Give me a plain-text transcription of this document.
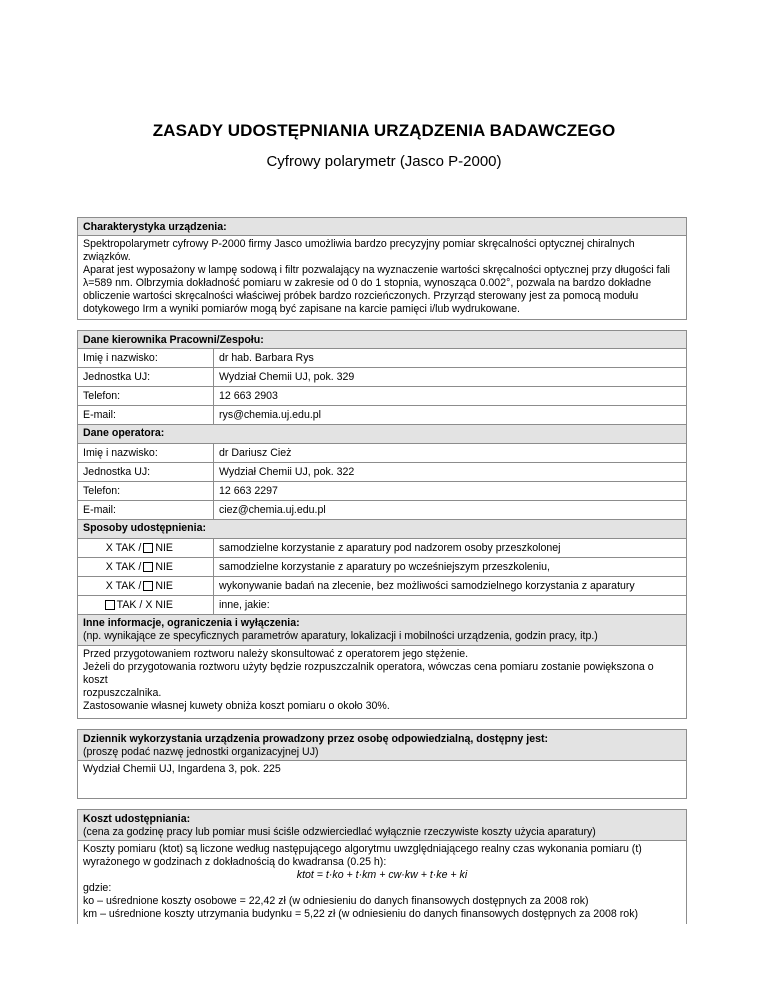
ZASADY UDOSTĘPNIANIA URZĄDZENIA BADAWCZEGO
Cyfrowy polarymetr (Jasco P-2000)
Charakterystyka urządzenia:
Spektropolarymetr cyfrowy P-2000 firmy Jasco umożliwia bardzo precyzyjny pomiar skręcalności optycznej chiralnych związków.
Aparat jest wyposażony w lampę sodową i filtr pozwalający na wyznaczenie wartości skręcalności optycznej przy długości fali
λ=589 nm. Olbrzymia dokładność pomiaru w zakresie od 0 do 1 stopnia, wynosząca 0.002°, pozwala na bardzo dokładne
obliczenie wartości skręcalności właściwej próbek bardzo rozcieńczonych. Przyrząd sterowany jest za pomocą modułu
dotykowego Irm a wyniki pomiarów mogą być zapisane na karcie pamięci i/lub wydrukowane.
Dane kierownika Pracowni/Zespołu:
Imię i nazwisko:	dr hab. Barbara Rys
Jednostka UJ:	Wydział Chemii UJ, pok. 329
Telefon:	12 663 2903
E-mail:	rys@chemia.uj.edu.pl
Dane operatora:
Imię i nazwisko:	dr Dariusz Cież
Jednostka UJ:	Wydział Chemii UJ, pok. 322
Telefon:	12 663 2297
E-mail:	ciez@chemia.uj.edu.pl
Sposoby udostępnienia:
X TAK / NIE	samodzielne korzystanie z aparatury pod nadzorem osoby przeszkolonej
X TAK / NIE	samodzielne korzystanie z aparatury po wcześniejszym przeszkoleniu,
X TAK / NIE	wykonywanie badań na zlecenie, bez możliwości samodzielnego korzystania z aparatury
TAK / X NIE	inne, jakie:
Inne informacje, ograniczenia i wyłączenia:
(np. wynikające ze specyficznych parametrów aparatury, lokalizacji i mobilności urządzenia, godzin pracy, itp.)
Przed przygotowaniem roztworu należy skonsultować z operatorem jego stężenie.
Jeżeli do przygotowania roztworu użyty będzie rozpuszczalnik operatora, wówczas cena pomiaru zostanie powiększona o koszt
rozpuszczalnika.
Zastosowanie własnej kuwety obniża koszt pomiaru o około 30%.
Dziennik wykorzystania urządzenia prowadzony przez osobę odpowiedzialną, dostępny jest:
(proszę podać nazwę jednostki organizacyjnej UJ)
Wydział Chemii UJ, Ingardena 3, pok. 225
Koszt udostępniania:
(cena za godzinę pracy lub pomiar musi ściśle odzwierciedlać wyłącznie rzeczywiste koszty użycia aparatury)
Koszty pomiaru (ktot) są liczone według następującego algorytmu uwzględniającego realny czas wykonania pomiaru (t)
wyrażonego w godzinach z dokładnością do kwadransa (0.25 h):
ktot = t·ko + t·km + cw·kw + t·ke + ki
gdzie:
ko – uśrednione koszty osobowe = 22,42 zł (w odniesieniu do danych finansowych dostępnych za 2008 rok)
km – uśrednione koszty utrzymania budynku = 5,22 zł (w odniesieniu do danych finansowych dostępnych za 2008 rok)
